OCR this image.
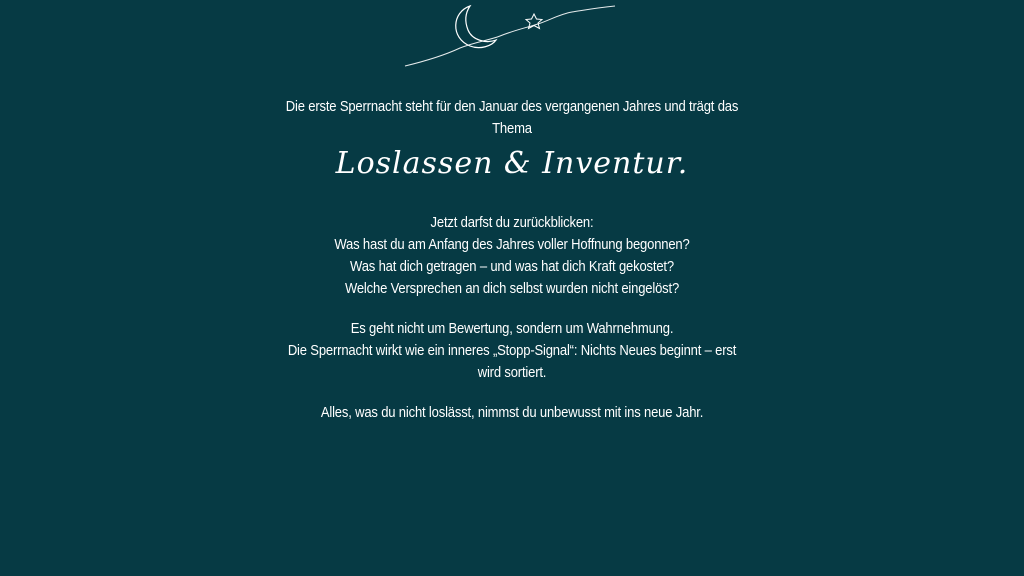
Die erste Sperrnacht steht für den Januar des vergangenen Jahres und trägt das

Thema

Loslassen & Inventur.

Jetzt darfst du zurückblicken:

Was hast du am Anfang des Jahres voller Hoffnung begonnen?

Was hat dich getragen – und was hat dich Kraft gekostet?

Welche Versprechen an dich selbst wurden nicht eingelöst?

Es geht nicht um Bewertung, sondern um Wahrnehmung.

Die Sperrnacht wirkt wie ein inneres „Stopp-Signal“: Nichts Neues beginnt – erst

wird sortiert.

Alles, was du nicht loslässt, nimmst du unbewusst mit ins neue Jahr.
